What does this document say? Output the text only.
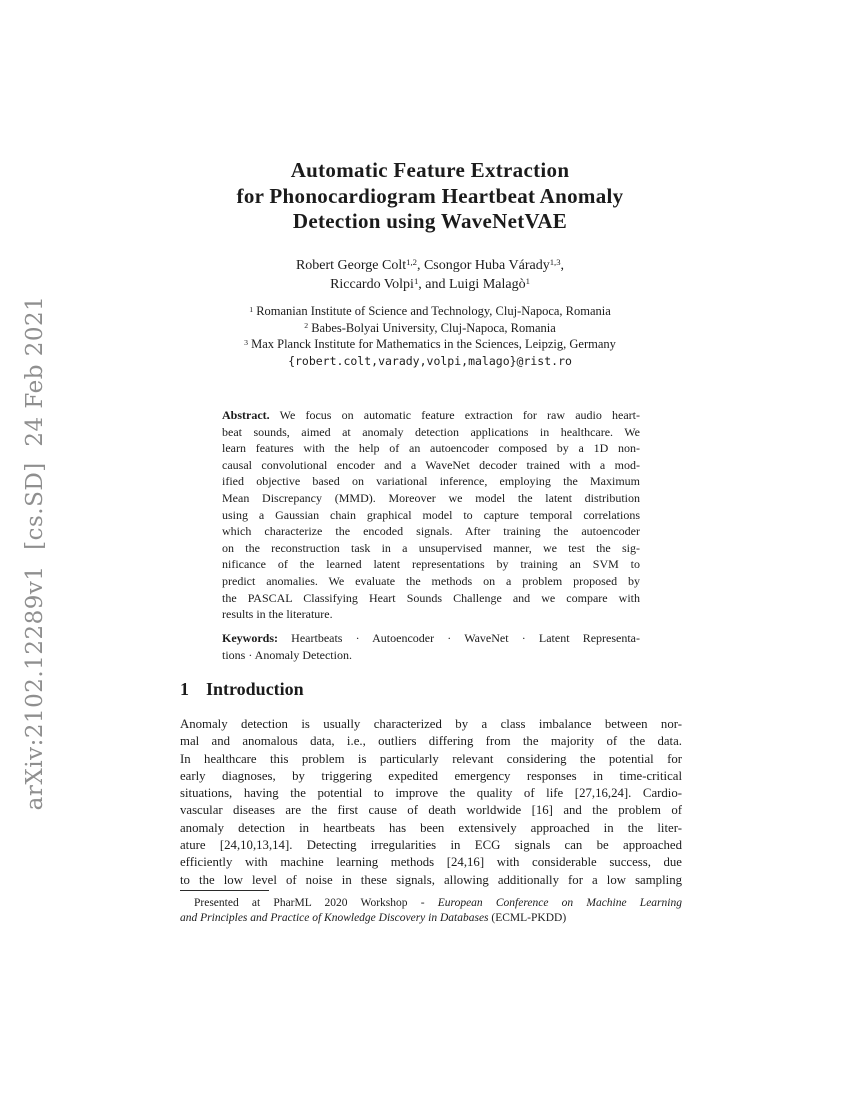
arXiv:2102.12289v1  [cs.SD]  24 Feb 2021
Automatic Feature Extraction
for Phonocardiogram Heartbeat Anomaly
Detection using WaveNetVAE
Robert George Colt$^{1,2}$, Csongor Huba Várady$^{1,3}$,
Riccardo Volpi$^1$, and Luigi Malagò$^1$
$^1$ Romanian Institute of Science and Technology, Cluj-Napoca, Romania
$^2$ Babes-Bolyai University, Cluj-Napoca, Romania
$^3$ Max Planck Institute for Mathematics in the Sciences, Leipzig, Germany
{robert.colt,varady,volpi,malago}@rist.ro
Abstract. We focus on automatic feature extraction for raw audio heart-
beat sounds, aimed at anomaly detection applications in healthcare. We
learn features with the help of an autoencoder composed by a 1D non-
causal convolutional encoder and a WaveNet decoder trained with a mod-
ified objective based on variational inference, employing the Maximum
Mean Discrepancy (MMD). Moreover we model the latent distribution
using a Gaussian chain graphical model to capture temporal correlations
which characterize the encoded signals. After training the autoencoder
on the reconstruction task in a unsupervised manner, we test the sig-
nificance of the learned latent representations by training an SVM to
predict anomalies. We evaluate the methods on a problem proposed by
the PASCAL Classifying Heart Sounds Challenge and we compare with
results in the literature.
Keywords: Heartbeats · Autoencoder · WaveNet · Latent Representa-
tions · Anomaly Detection.
1 Introduction
Anomaly detection is usually characterized by a class imbalance between nor-
mal and anomalous data, i.e., outliers differing from the majority of the data.
In healthcare this problem is particularly relevant considering the potential for
early diagnoses, by triggering expedited emergency responses in time-critical
situations, having the potential to improve the quality of life [27,16,24]. Cardio-
vascular diseases are the first cause of death worldwide [16] and the problem of
anomaly detection in heartbeats has been extensively approached in the liter-
ature [24,10,13,14]. Detecting irregularities in ECG signals can be approached
efficiently with machine learning methods [24,16] with considerable success, due
to the low level of noise in these signals, allowing additionally for a low sampling
Presented at PharML 2020 Workshop - European Conference on Machine Learning
and Principles and Practice of Knowledge Discovery in Databases (ECML-PKDD)
